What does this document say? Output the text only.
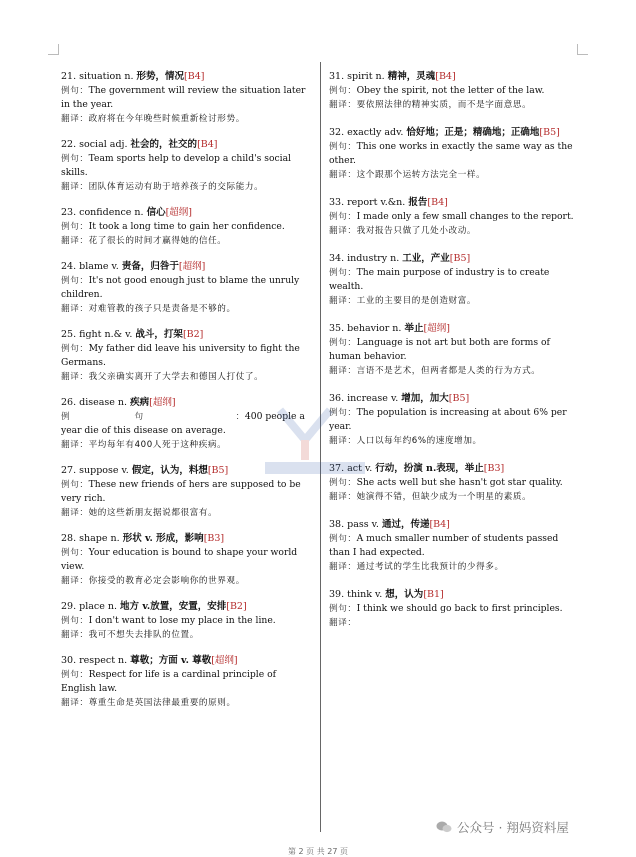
21. situation n. 形势，情况[B4]
例句：The government will review the situation later
in the year.
翻译：政府将在今年晚些时候重新检讨形势。
22. social adj. 社会的，社交的[B4]
例句：Team sports help to develop a child's social
skills.
翻译：团队体育运动有助于培养孩子的交际能力。
23. confidence n. 信心[超纲]
例句：It took a long time to gain her confidence.
翻译：花了很长的时间才赢得她的信任。
24. blame v. 责备，归咎于[超纲]
例句：It's not good enough just to blame the unruly
children.
翻译：对难管教的孩子只是责备是不够的。
25. fight n.& v. 战斗，打架[B2]
例句：My father did leave his university to fight the
Germans.
翻译：我父亲确实离开了大学去和德国人打仗了。
26. disease n. 疾病[超纲]
例　　　　　　　句　　　　　　　　　　：400 people a year die of this disease on average.
翻译：平均每年有400人死于这种疾病。
27. suppose v. 假定，认为，料想[B5]
例句：These new friends of hers are supposed to be
very rich.
翻译：她的这些新朋友据说都很富有。
28. shape n. 形状 v. 形成，影响[B3]
例句：Your education is bound to shape your world
view.
翻译：你接受的教育必定会影响你的世界观。
29. place n. 地方 v.放置，安置，安排[B2]
例句：I don't want to lose my place in the line.
翻译：我可不想失去排队的位置。
30. respect n. 尊敬；方面 v. 尊敬[超纲]
例句：Respect for life is a cardinal principle of
English law.
翻译：尊重生命是英国法律最重要的原则。
31. spirit n. 精神，灵魂[B4]
例句：Obey the spirit, not the letter of the law.
翻译：要依照法律的精神实质，而不是字面意思。
32. exactly adv. 恰好地；正是；精确地；正确地[B5]
例句：This one works in exactly the same way as the
other.
翻译：这个跟那个运转方法完全一样。
33. report v.&n. 报告[B4]
例句：I made only a few small changes to the report.
翻译：我对报告只做了几处小改动。
34. industry n. 工业，产业[B5]
例句：The main purpose of industry is to create
wealth.
翻译：工业的主要目的是创造财富。
35. behavior n. 举止[超纲]
例句：Language is not art but both are forms of
human behavior.
翻译：言语不是艺术，但两者都是人类的行为方式。
36. increase v. 增加，加大[B5]
例句：The population is increasing at about 6% per
year.
翻译：人口以每年约6%的速度增加。
37. act v. 行动，扮演 n.表现，举止[B3]
例句：She acts well but she hasn't got star quality.
翻译：她演得不错，但缺少成为一个明星的素质。
38. pass v. 通过，传递[B4]
例句：A much smaller number of students passed
than I had expected.
翻译：通过考试的学生比我预计的少得多。
39. think v. 想，认为[B1]
例句：I think we should go back to first principles.
翻译：
公众号 · 翔妈资料屋
第 2 页 共 27 页
